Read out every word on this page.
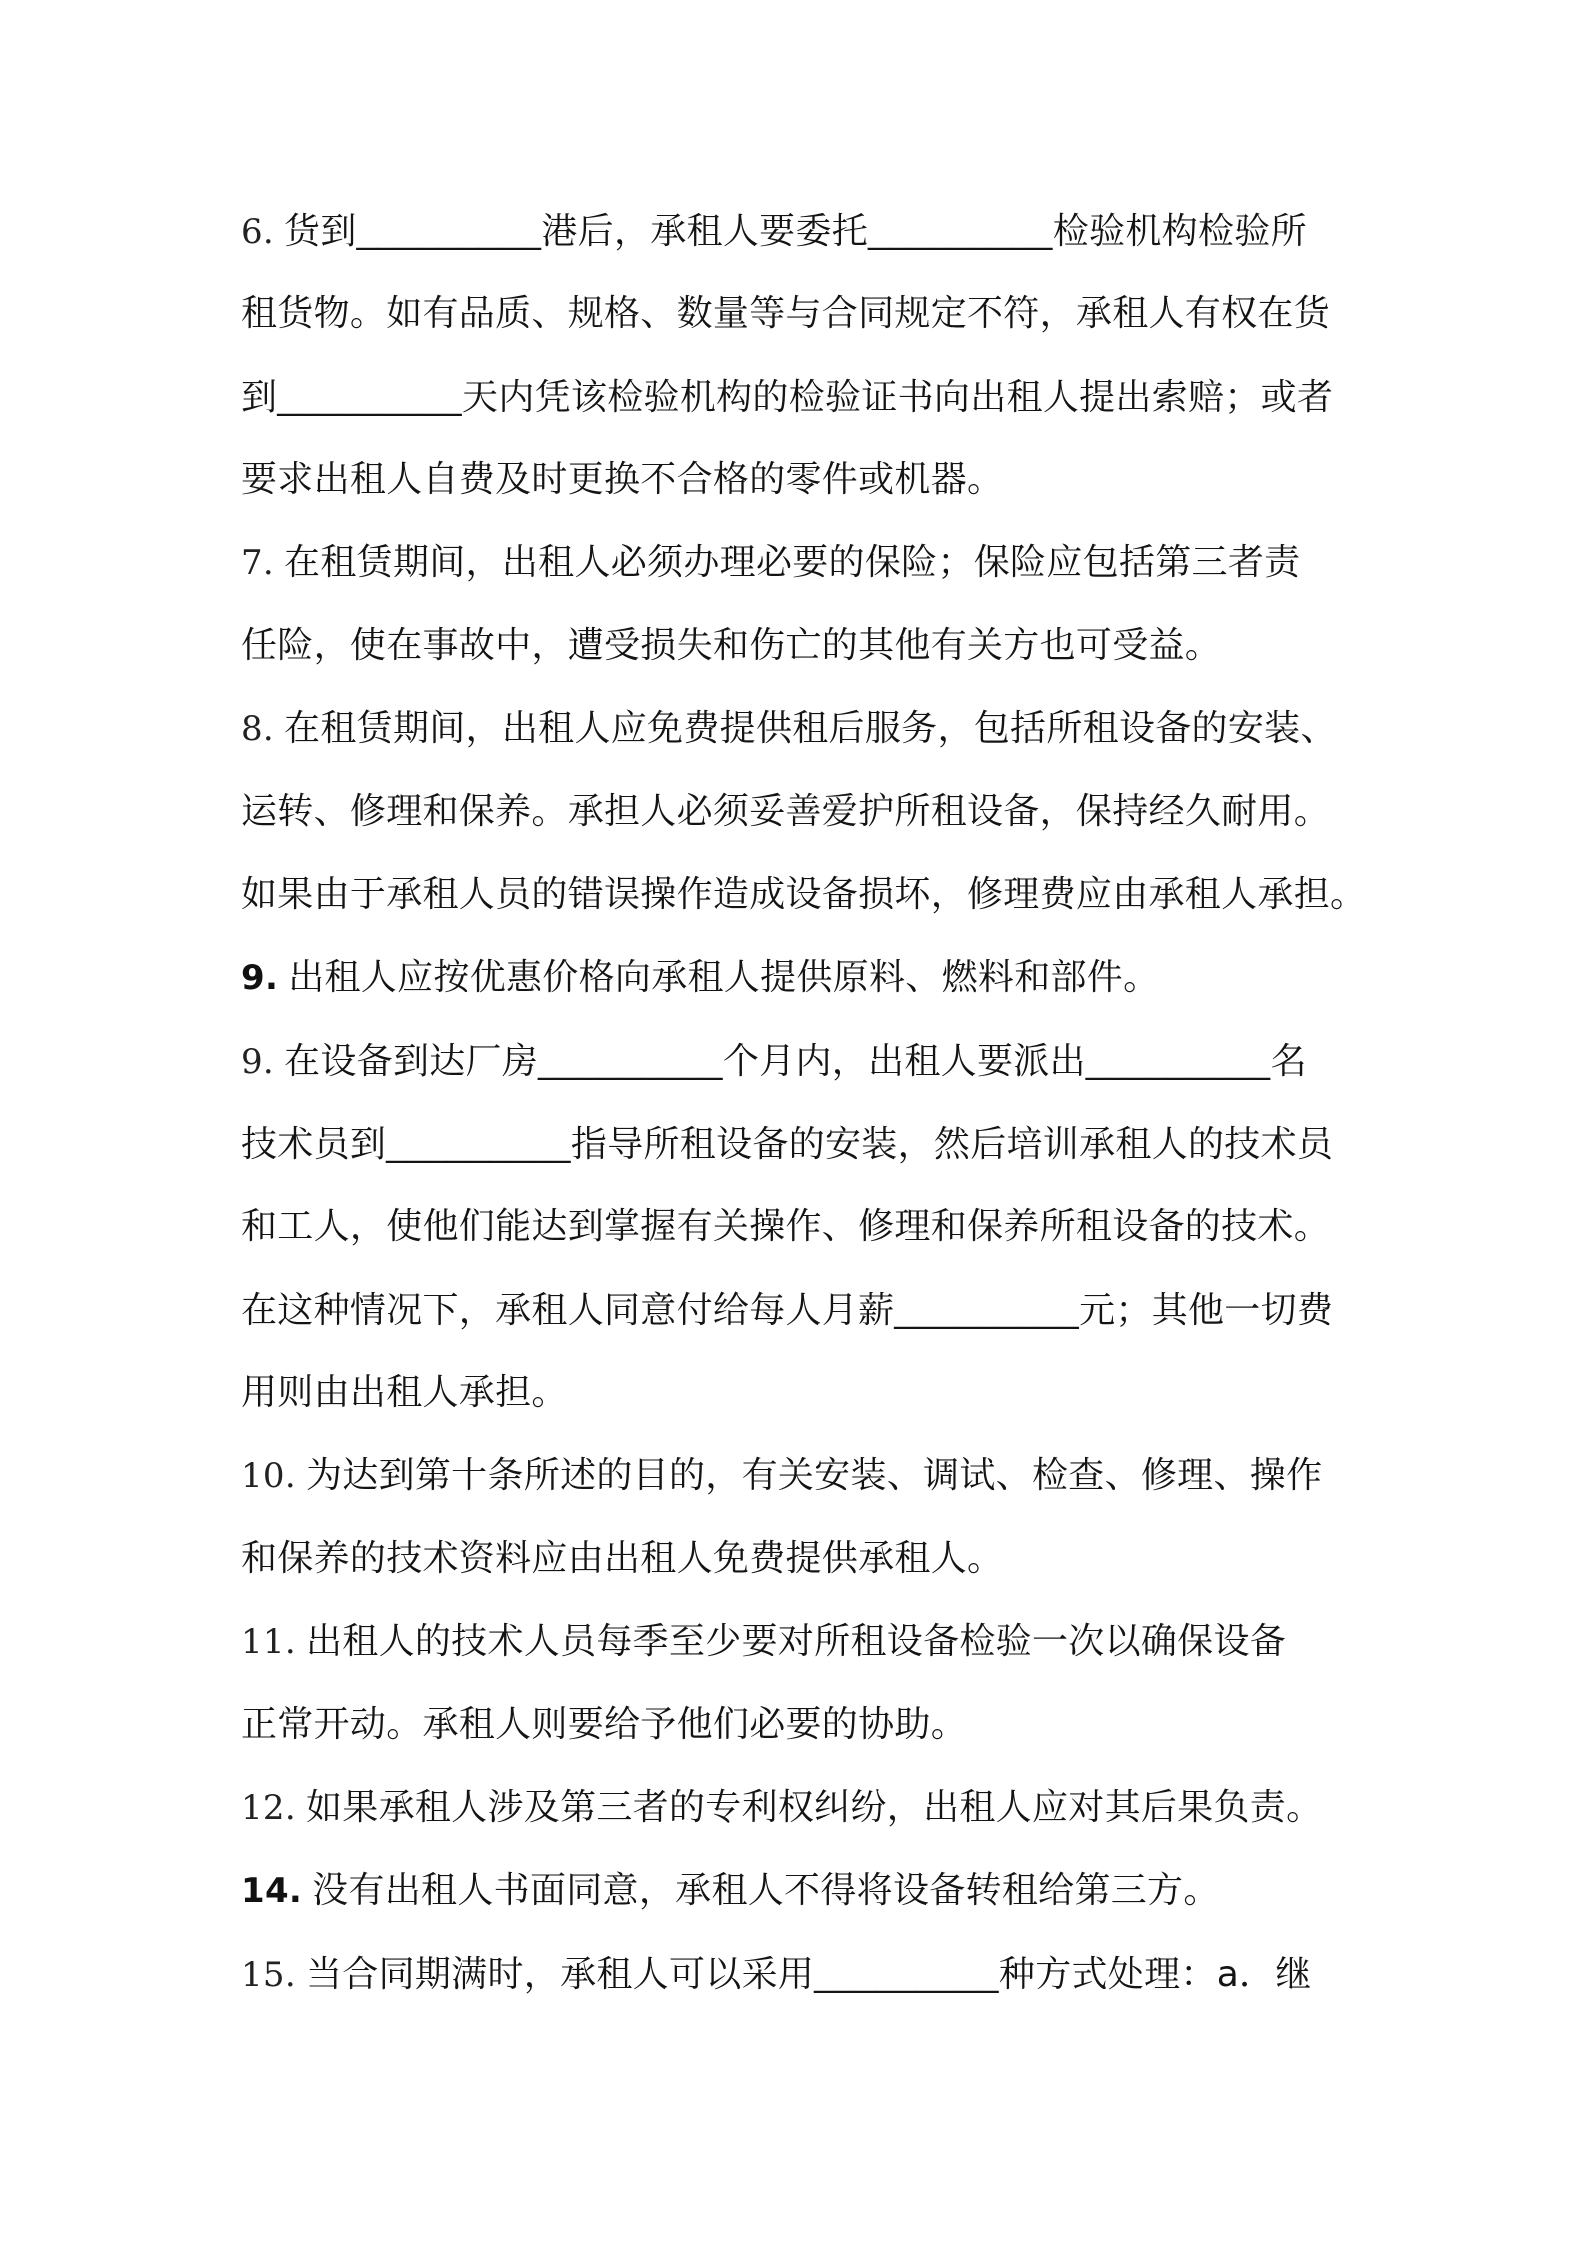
6. 货到 _____	港后，承租人要委托 _____	检验机构检验所
租货物。如有品质、规格、数量等与合同规定不符，承租人有权在货
到 _____	天内凭该检验机构的检验证书向出租人提出索赔；或者
要求出租人自费及时更换不合格的零件或机器。
7. 在租赁期间，出租人必须办理必要的保险；保险应包括第三者责
任险，使在事故中，遭受损失和伤亡的其他有关方也可受益。
8. 在租赁期间，出租人应免费提供租后服务，包括所租设备的安装、
运转、修理和保养。承担人必须妥善爱护所租设备，保持经久耐用。
如果由于承租人员的错误操作造成设备损坏，修理费应由承租人承担。
9. 出租人应按优惠价格向承租人提供原料、燃料和部件。
9. 在设备到达厂房 _____	个月内，出租人要派出 _____	名
技术员到 _____	指导所租设备的安装，然后培训承租人的技术员
和工人，使他们能达到掌握有关操作、修理和保养所租设备的技术。
在这种情况下，承租人同意付给每人月薪 _____	元；其他一切费
用则由出租人承担。
10. 为达到第十条所述的目的，有关安装、调试、检查、修理、操作
和保养的技术资料应由出租人免费提供承租人。
11. 出租人的技术人员每季至少要对所租设备检验一次以确保设备
正常开动。承租人则要给予他们必要的协助。
12. 如果承租人涉及第三者的专利权纠纷，出租人应对其后果负责。
14. 没有出租人书面同意，承租人不得将设备转租给第三方。
15. 当合同期满时，承租人可以采用 _____	种方式处理：a．继
